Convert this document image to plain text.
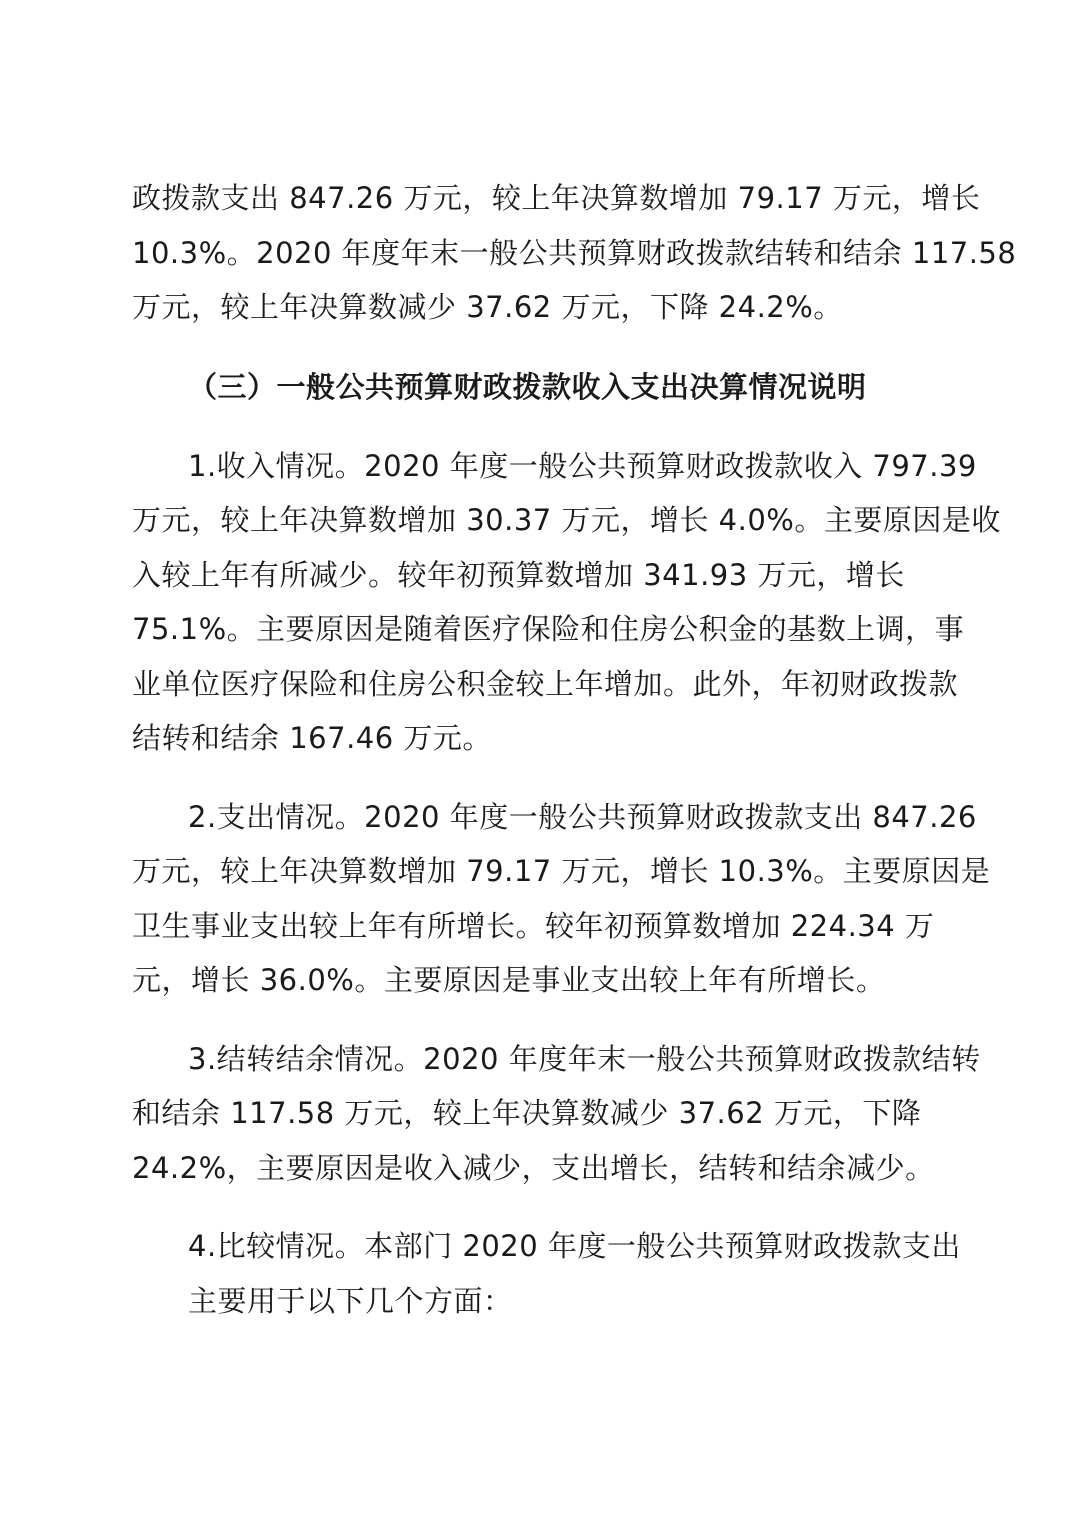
政拨款支出 847.26 万元，较上年决算数增加 79.17 万元，增长
10.3%。2020 年度年末一般公共预算财政拨款结转和结余 117.58
万元，较上年决算数减少 37.62 万元，下降 24.2%。
（三）一般公共预算财政拨款收入支出决算情况说明
1.收入情况。2020 年度一般公共预算财政拨款收入 797.39
万元，较上年决算数增加 30.37 万元，增长 4.0%。主要原因是收
入较上年有所减少。较年初预算数增加 341.93 万元，增长
75.1%。主要原因是随着医疗保险和住房公积金的基数上调，事
业单位医疗保险和住房公积金较上年增加。此外，年初财政拨款
结转和结余 167.46 万元。
2.支出情况。2020 年度一般公共预算财政拨款支出 847.26
万元，较上年决算数增加 79.17 万元，增长 10.3%。主要原因是
卫生事业支出较上年有所增长。较年初预算数增加 224.34 万
元，增长 36.0%。主要原因是事业支出较上年有所增长。
3.结转结余情况。2020 年度年末一般公共预算财政拨款结转
和结余 117.58 万元，较上年决算数减少 37.62 万元，下降
24.2%，主要原因是收入减少，支出增长，结转和结余减少。
4.比较情况。本部门 2020 年度一般公共预算财政拨款支出
主要用于以下几个方面：
